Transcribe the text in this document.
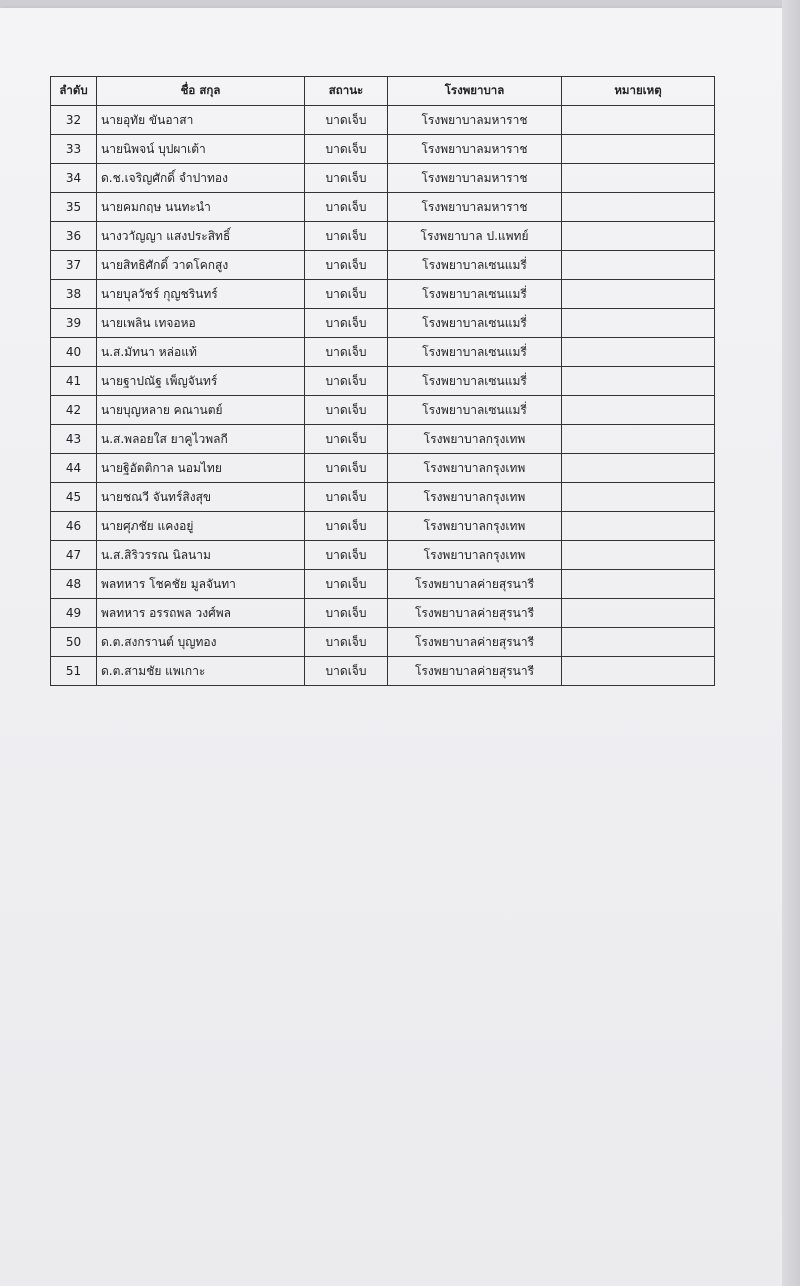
ลำดับ	ชื่อ สกุล	สถานะ	โรงพยาบาล	หมายเหตุ
32	นายอุทัย ขันอาสา	บาดเจ็บ	โรงพยาบาลมหาราช	
33	นายนิพจน์ บุปผาเต้า	บาดเจ็บ	โรงพยาบาลมหาราช	
34	ด.ช.เจริญศักดิ์ จำปาทอง	บาดเจ็บ	โรงพยาบาลมหาราช	
35	นายคมกฤษ นนทะนำ	บาดเจ็บ	โรงพยาบาลมหาราช	
36	นางวาัญญา แสงประสิทธิ์	บาดเจ็บ	โรงพยาบาล ป.แพทย์	
37	นายสิทธิศักดิ์ วาดโคกสูง	บาดเจ็บ	โรงพยาบาลเซนแมรี่	
38	นายบุลวัชร์ กุญชรินทร์	บาดเจ็บ	โรงพยาบาลเซนแมรี่	
39	นายเพลิน เทจอหอ	บาดเจ็บ	โรงพยาบาลเซนแมรี่	
40	น.ส.มัทนา หล่อแท้	บาดเจ็บ	โรงพยาบาลเซนแมรี่	
41	นายฐาปณัฐ เพ็ญจันทร์	บาดเจ็บ	โรงพยาบาลเซนแมรี่	
42	นายบุญหลาย คณานตย์	บาดเจ็บ	โรงพยาบาลเซนแมรี่	
43	น.ส.พลอยใส ยาคูไวพลกี	บาดเจ็บ	โรงพยาบาลกรุงเทพ	
44	นายฐิอัตติกาล นอมไทย	บาดเจ็บ	โรงพยาบาลกรุงเทพ	
45	นายชณวี จันทร์สิงสุข	บาดเจ็บ	โรงพยาบาลกรุงเทพ	
46	นายศุภชัย แคงอยู่	บาดเจ็บ	โรงพยาบาลกรุงเทพ	
47	น.ส.สิริวรรณ นิลนาม	บาดเจ็บ	โรงพยาบาลกรุงเทพ	
48	พลทหาร โชคชัย มูลจันทา	บาดเจ็บ	โรงพยาบาลค่ายสุรนารี	
49	พลทหาร อรรถพล วงศ์พล	บาดเจ็บ	โรงพยาบาลค่ายสุรนารี	
50	ด.ต.สงกรานต์ บุญทอง	บาดเจ็บ	โรงพยาบาลค่ายสุรนารี	
51	ด.ต.สามชัย แพเกาะ	บาดเจ็บ	โรงพยาบาลค่ายสุรนารี	
